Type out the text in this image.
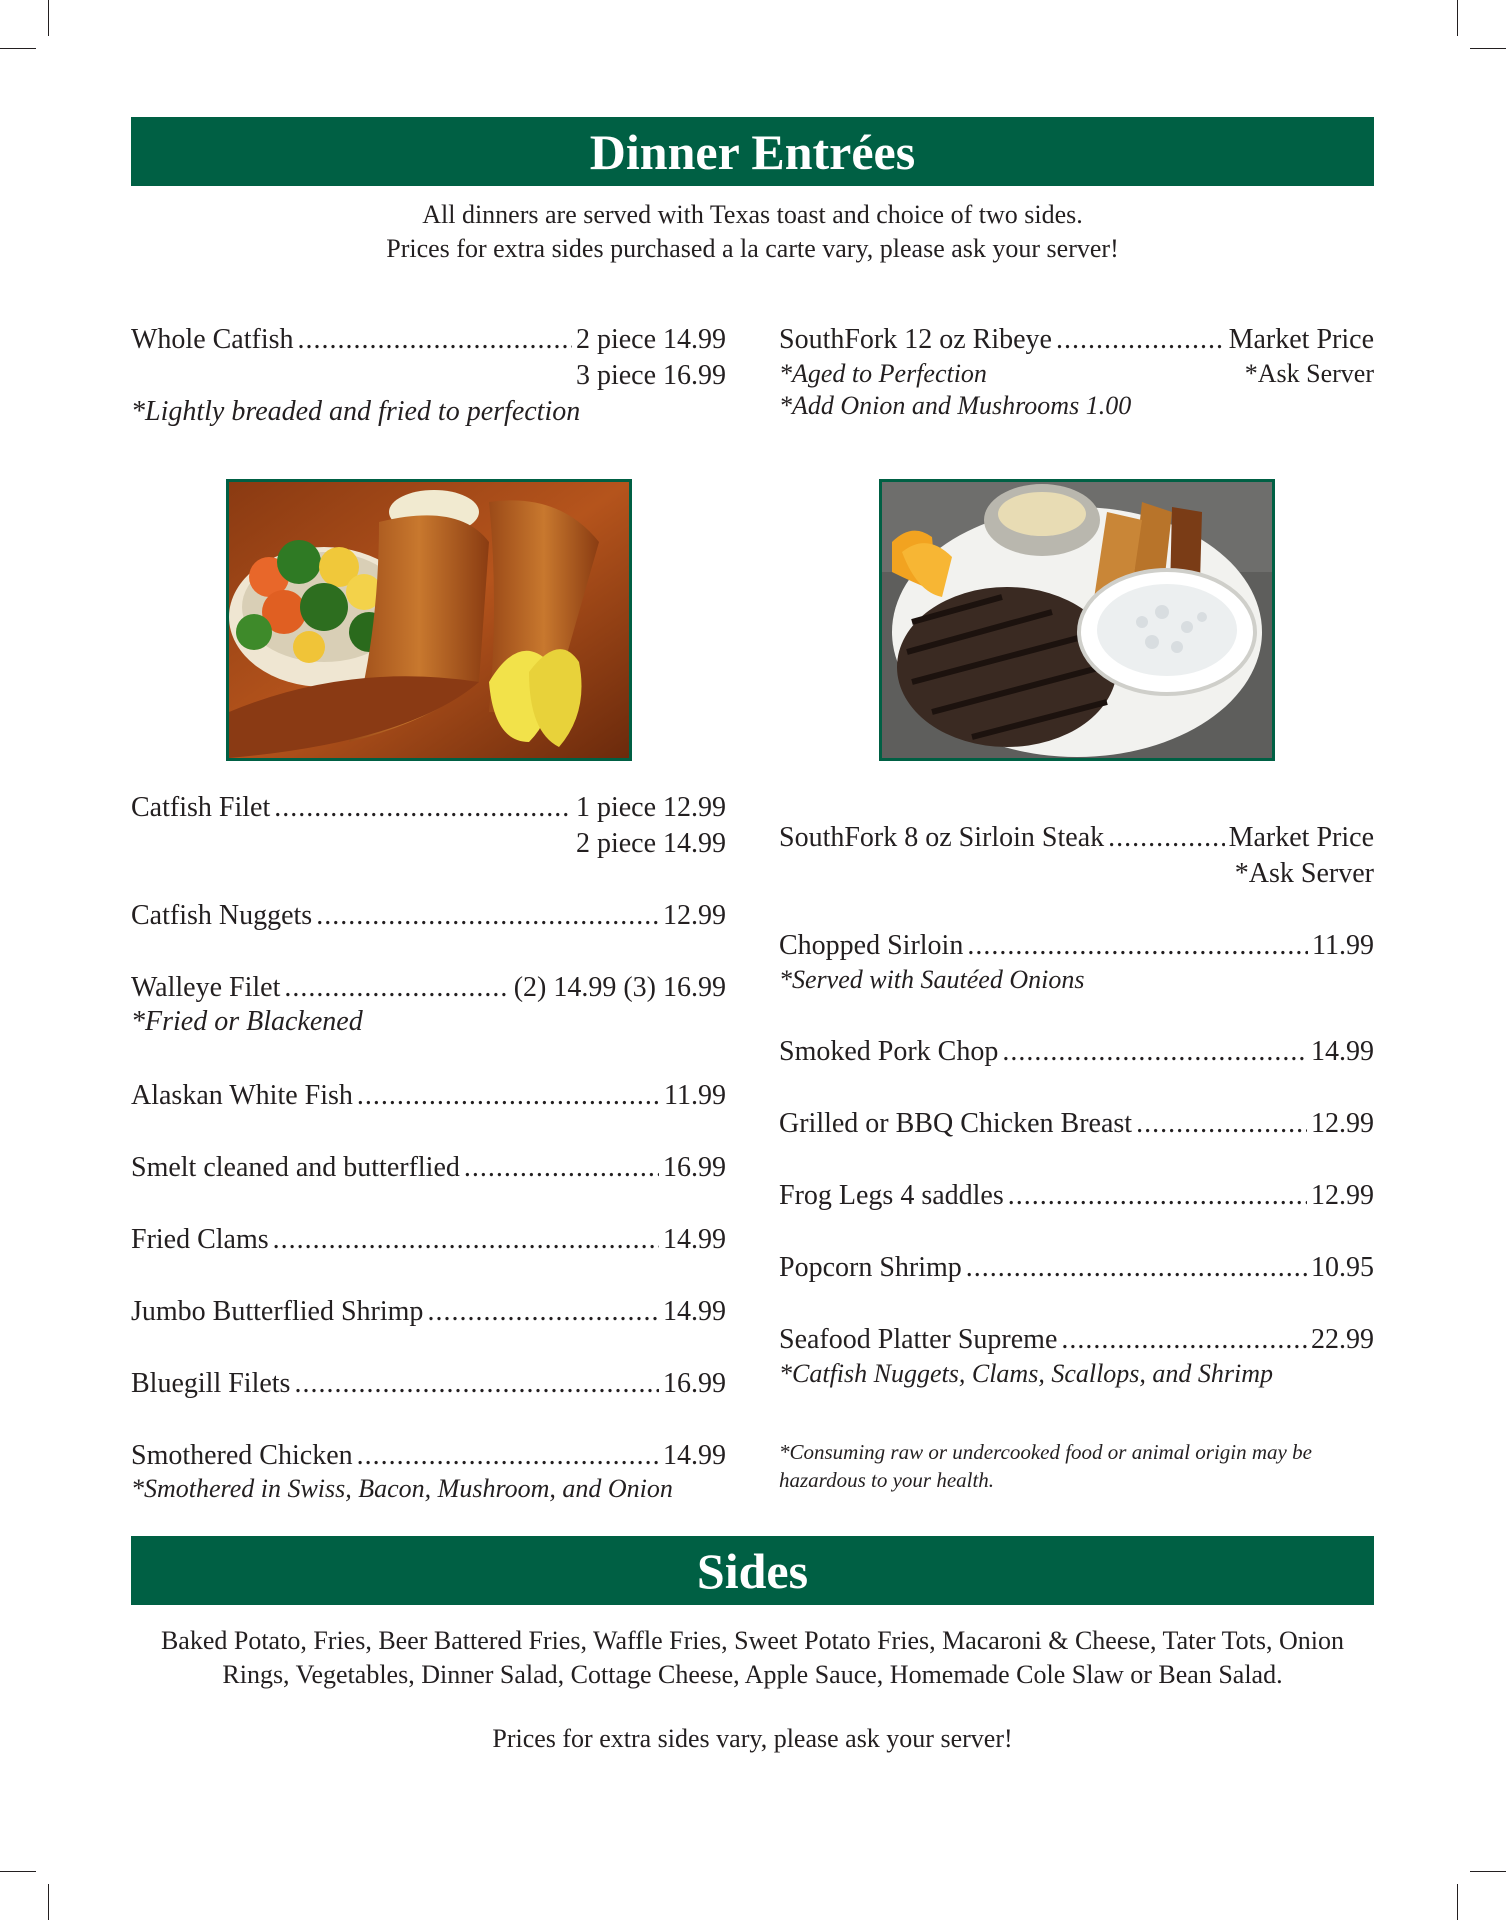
Dinner Entrées
All dinners are served with Texas toast and choice of two sides.
Prices for extra sides purchased a la carte vary, please ask your server!
Whole Catfish .....	2 piece 14.99
3 piece 16.99
*Lightly breaded and fried to perfection
Catfish Filet .....	1 piece 12.99
2 piece 14.99
Catfish Nuggets .....	12.99
Walleye Filet .....	(2) 14.99 (3) 16.99
*Fried or Blackened
Alaskan White Fish .....	11.99
Smelt cleaned and butterflied .....	16.99
Fried Clams .....	14.99
Jumbo Butterflied Shrimp .....	14.99
Bluegill Filets .....	16.99
Smothered Chicken .....	14.99
*Smothered in Swiss, Bacon, Mushroom, and Onion
SouthFork 12 oz Ribeye .....	Market Price
*Aged to Perfection	*Ask Server
*Add Onion and Mushrooms 1.00
SouthFork 8 oz Sirloin Steak .....	Market Price
*Ask Server
Chopped Sirloin .....	11.99
*Served with Sautéed Onions
Smoked Pork Chop .....	14.99
Grilled or BBQ Chicken Breast .....	12.99
Frog Legs 4 saddles .....	12.99
Popcorn Shrimp .....	10.95
Seafood Platter Supreme .....	22.99
*Catfish Nuggets, Clams, Scallops, and Shrimp
*Consuming raw or undercooked food or animal origin may be
hazardous to your health.
Sides
Baked Potato, Fries, Beer Battered Fries, Waffle Fries, Sweet Potato Fries, Macaroni & Cheese, Tater Tots, Onion
Rings, Vegetables, Dinner Salad, Cottage Cheese, Apple Sauce, Homemade Cole Slaw or Bean Salad.
Prices for extra sides vary, please ask your server!
